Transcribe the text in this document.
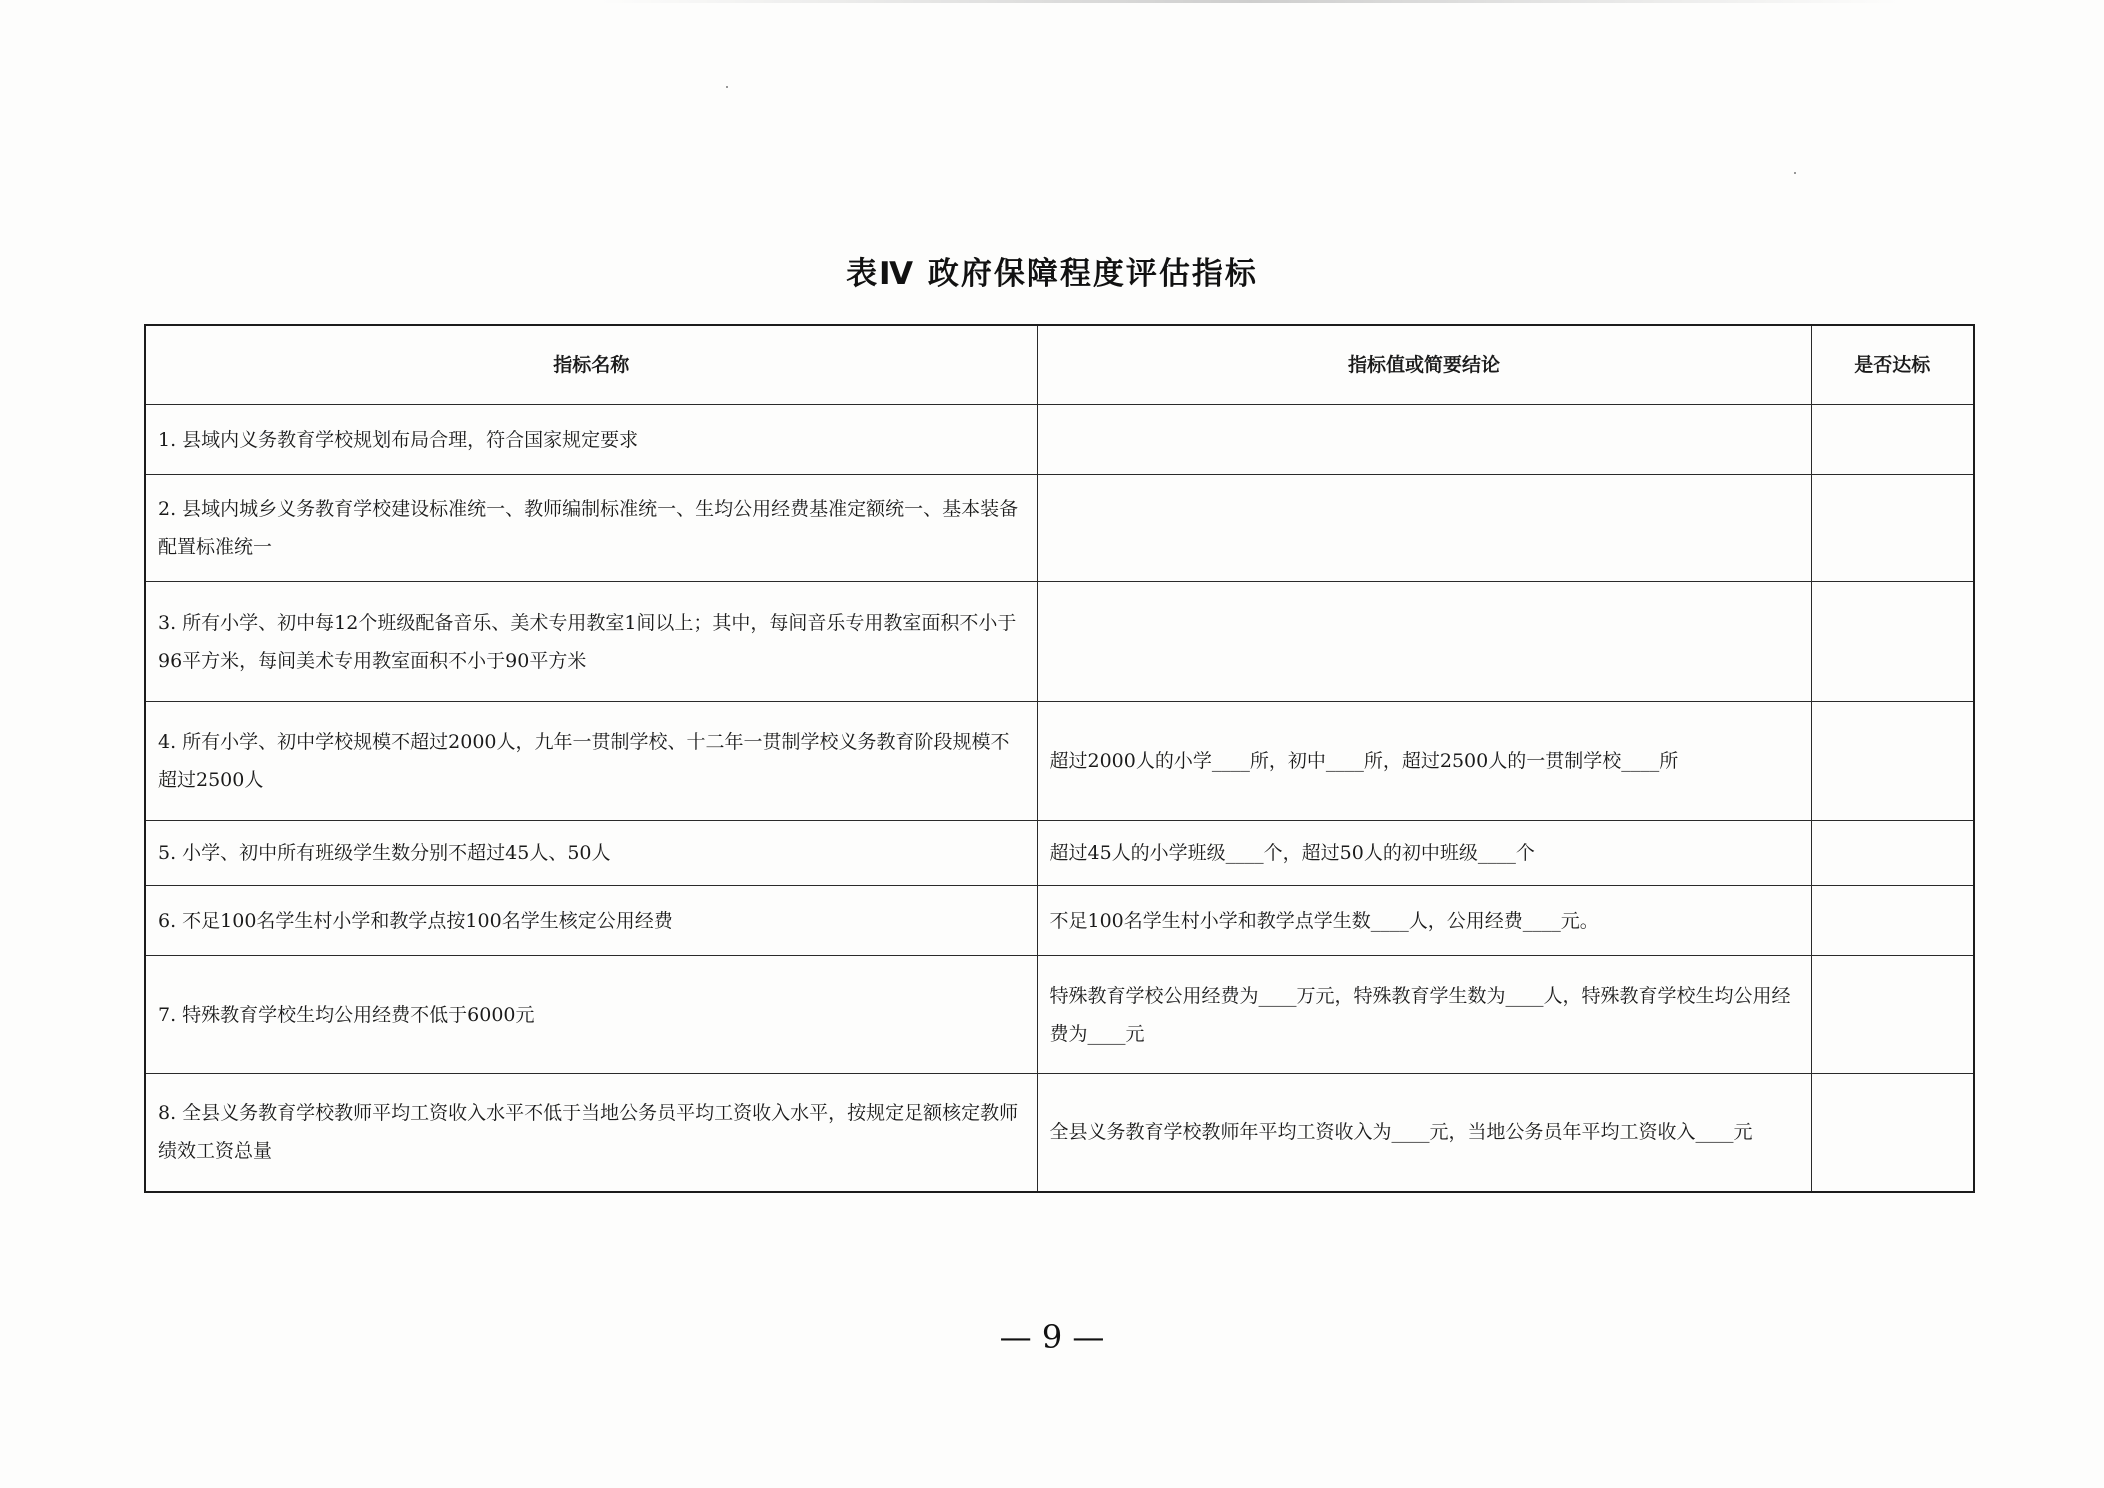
表Ⅳ 政府保障程度评估指标
指标名称	指标值或简要结论	是否达标
1. 县域内义务教育学校规划布局合理，符合国家规定要求		
2. 县域内城乡义务教育学校建设标准统一、教师编制标准统一、生均公用经费基准定额统一、基本装备配置标准统一		
3. 所有小学、初中每12个班级配备音乐、美术专用教室1间以上；其中，每间音乐专用教室面积不小于96平方米，每间美术专用教室面积不小于90平方米		
4. 所有小学、初中学校规模不超过2000人，九年一贯制学校、十二年一贯制学校义务教育阶段规模不超过2500人	超过2000人的小学____所，初中____所，超过2500人的一贯制学校____所	
5. 小学、初中所有班级学生数分别不超过45人、50人	超过45人的小学班级____个，超过50人的初中班级____个	
6. 不足100名学生村小学和教学点按100名学生核定公用经费	不足100名学生村小学和教学点学生数____人，公用经费____元。	
7. 特殊教育学校生均公用经费不低于6000元	特殊教育学校公用经费为____万元，特殊教育学生数为____人，特殊教育学校生均公用经费为____元	
8. 全县义务教育学校教师平均工资收入水平不低于当地公务员平均工资收入水平，按规定足额核定教师绩效工资总量	全县义务教育学校教师年平均工资收入为____元，当地公务员年平均工资收入____元	
— 9 —
